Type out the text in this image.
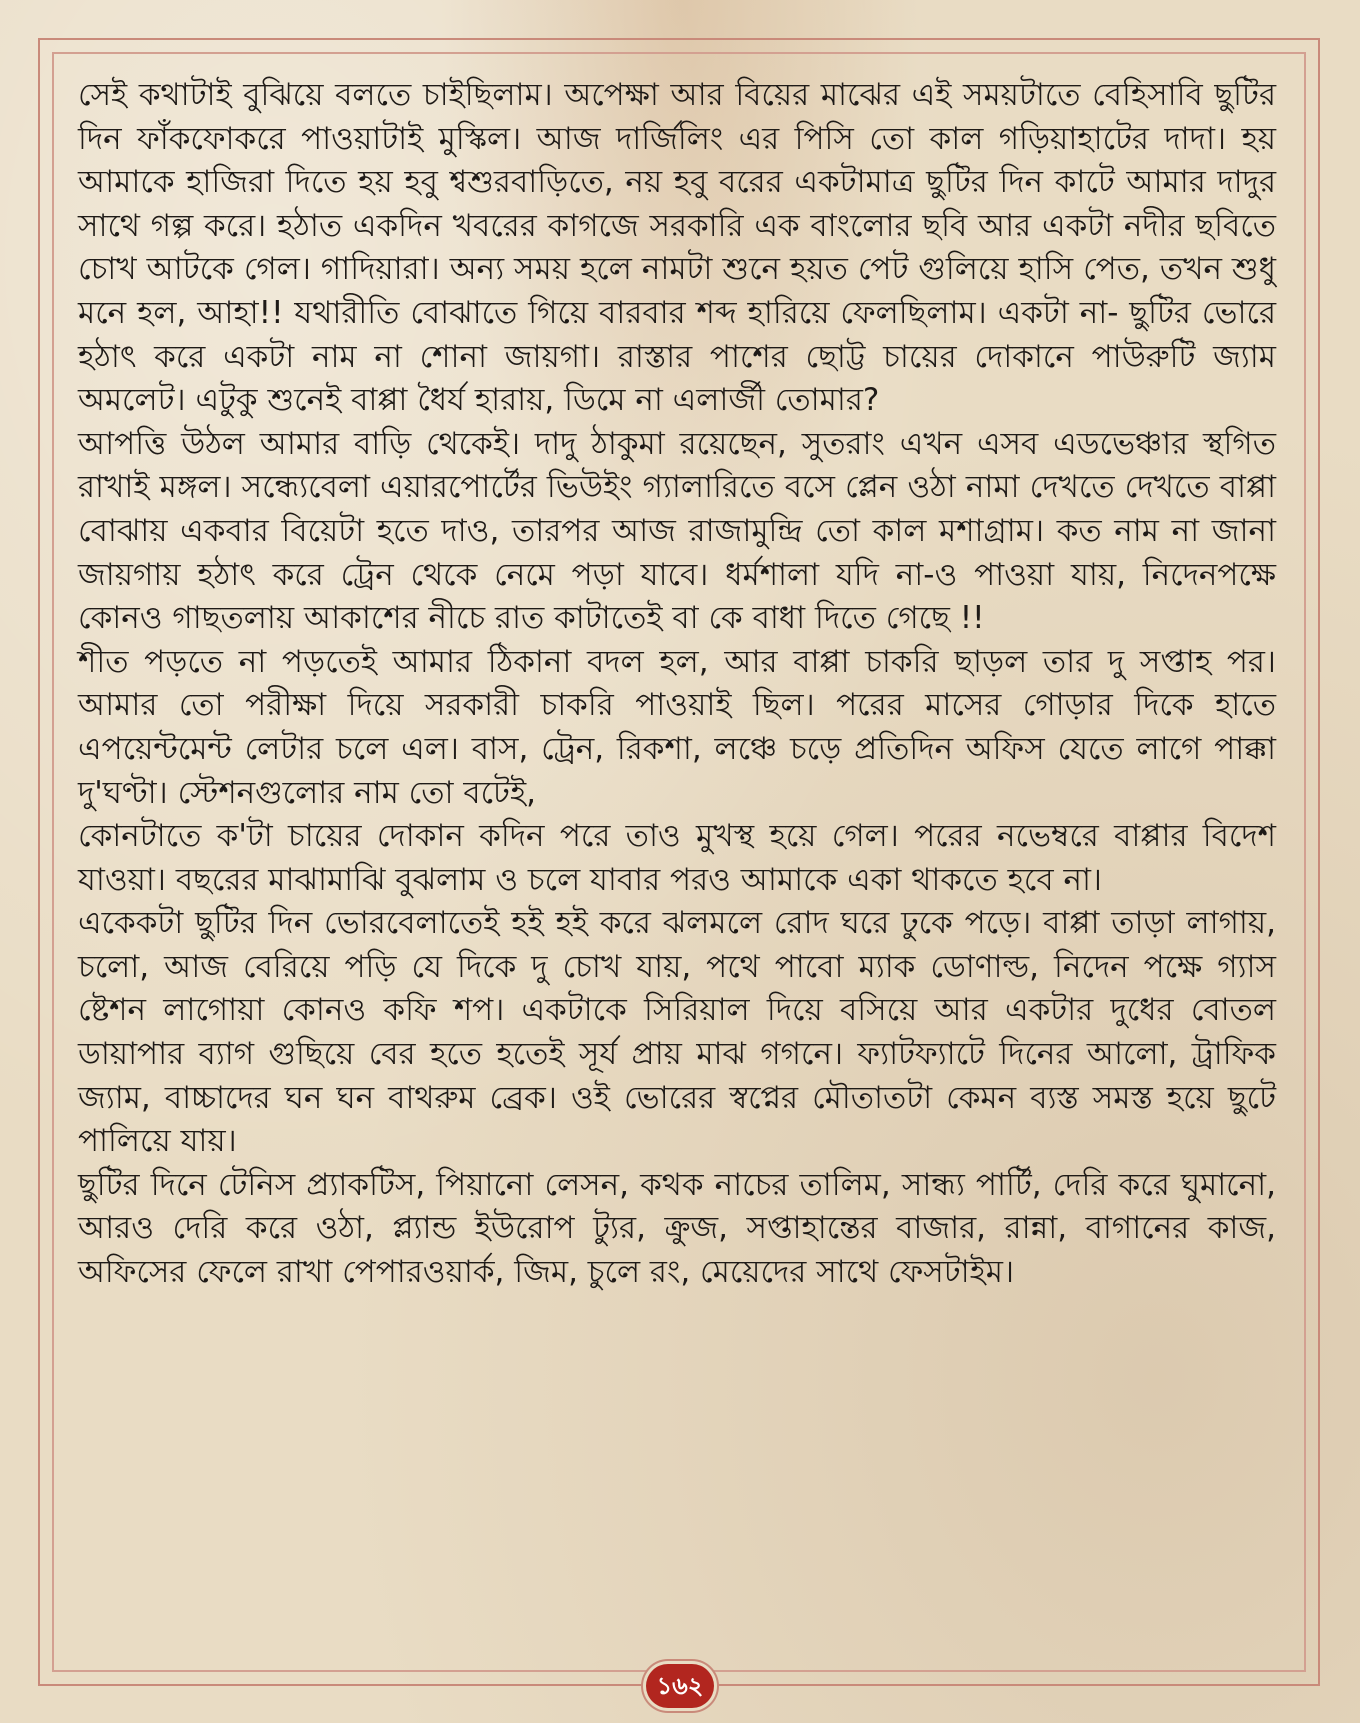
সেই কথাটাই বুঝিয়ে বলতে চাইছিলাম। অপেক্ষা আর বিয়ের মাঝের এই সময়টাতে বেহিসাবি ছুটির দিন ফাঁকফোকরে পাওয়াটাই মুস্কিল। আজ দার্জিলিং এর পিসি তো কাল গড়িয়াহাটের দাদা। হয় আমাকে হাজিরা দিতে হয় হবু শ্বশুরবাড়িতে, নয় হবু বরের একটামাত্র ছুটির দিন কাটে আমার দাদুর সাথে গল্প করে। হঠাত একদিন খবরের কাগজে সরকারি এক বাংলোর ছবি আর একটা নদীর ছবিতে চোখ আটকে গেল। গাদিয়ারা। অন্য সময় হলে নামটা শুনে হয়ত পেট গুলিয়ে হাসি পেত, তখন শুধু মনে হল, আহা!! যথারীতি বোঝাতে গিয়ে বারবার শব্দ হারিয়ে ফেলছিলাম। একটা না- ছুটির ভোরে হঠাৎ করে একটা নাম না শোনা জায়গা। রাস্তার পাশের ছোট্ট চায়ের দোকানে পাউরুটি জ্যাম অমলেট। এটুকু শুনেই বাপ্পা ধৈর্য হারায়, ডিমে না এলার্জী তোমার?

আপত্তি উঠল আমার বাড়ি থেকেই। দাদু ঠাকুমা রয়েছেন, সুতরাং এখন এসব এডভেঞ্চার স্থগিত রাখাই মঙ্গল। সন্ধ্যেবেলা এয়ারপোর্টের ভিউইং গ্যালারিতে বসে প্লেন ওঠা নামা দেখতে দেখতে বাপ্পা বোঝায় একবার বিয়েটা হতে দাও, তারপর আজ রাজামুন্দ্রি তো কাল মশাগ্রাম। কত নাম না জানা জায়গায় হঠাৎ করে ট্রেন থেকে নেমে পড়া যাবে। ধর্মশালা যদি না-ও পাওয়া যায়, নিদেনপক্ষে কোনও গাছতলায় আকাশের নীচে রাত কাটাতেই বা কে বাধা দিতে গেছে !!

শীত পড়তে না পড়তেই আমার ঠিকানা বদল হল, আর বাপ্পা চাকরি ছাড়ল তার দু সপ্তাহ পর। আমার তো পরীক্ষা দিয়ে সরকারী চাকরি পাওয়াই ছিল। পরের মাসের গোড়ার দিকে হাতে এপয়েন্টমেন্ট লেটার চলে এল। বাস, ট্রেন, রিকশা, লঞ্চে চড়ে প্রতিদিন অফিস যেতে লাগে পাক্কা দু'ঘণ্টা। স্টেশনগুলোর নাম তো বটেই,

কোনটাতে ক'টা চায়ের দোকান কদিন পরে তাও মুখস্থ হয়ে গেল। পরের নভেম্বরে বাপ্পার বিদেশ যাওয়া। বছরের মাঝামাঝি বুঝলাম ও চলে যাবার পরও আমাকে একা থাকতে হবে না।

একেকটা ছুটির দিন ভোরবেলাতেই হই হই করে ঝলমলে রোদ ঘরে ঢুকে পড়ে। বাপ্পা তাড়া লাগায়, চলো, আজ বেরিয়ে পড়ি যে দিকে দু চোখ যায়, পথে পাবো ম্যাক ডোণাল্ড, নিদেন পক্ষে গ্যাস ষ্টেশন লাগোয়া কোনও কফি শপ। একটাকে সিরিয়াল দিয়ে বসিয়ে আর একটার দুধের বোতল ডায়াপার ব্যাগ গুছিয়ে বের হতে হতেই সূর্য প্রায় মাঝ গগনে। ফ্যাটফ্যাটে দিনের আলো, ট্রাফিক জ্যাম, বাচ্চাদের ঘন ঘন বাথরুম ব্রেক। ওই ভোরের স্বপ্নের মৌতাতটা কেমন ব্যস্ত সমস্ত হয়ে ছুটে পালিয়ে যায়।

ছুটির দিনে টেনিস প্র্যাকটিস, পিয়ানো লেসন, কথক নাচের তালিম, সান্ধ্য পার্টি, দেরি করে ঘুমানো, আরও দেরি করে ওঠা, প্ল্যান্ড ইউরোপ ট্যুর, ক্রুজ, সপ্তাহান্তের বাজার, রান্না, বাগানের কাজ, অফিসের ফেলে রাখা পেপারওয়ার্ক, জিম, চুলে রং, মেয়েদের সাথে ফেসটাইম।

১৬২
